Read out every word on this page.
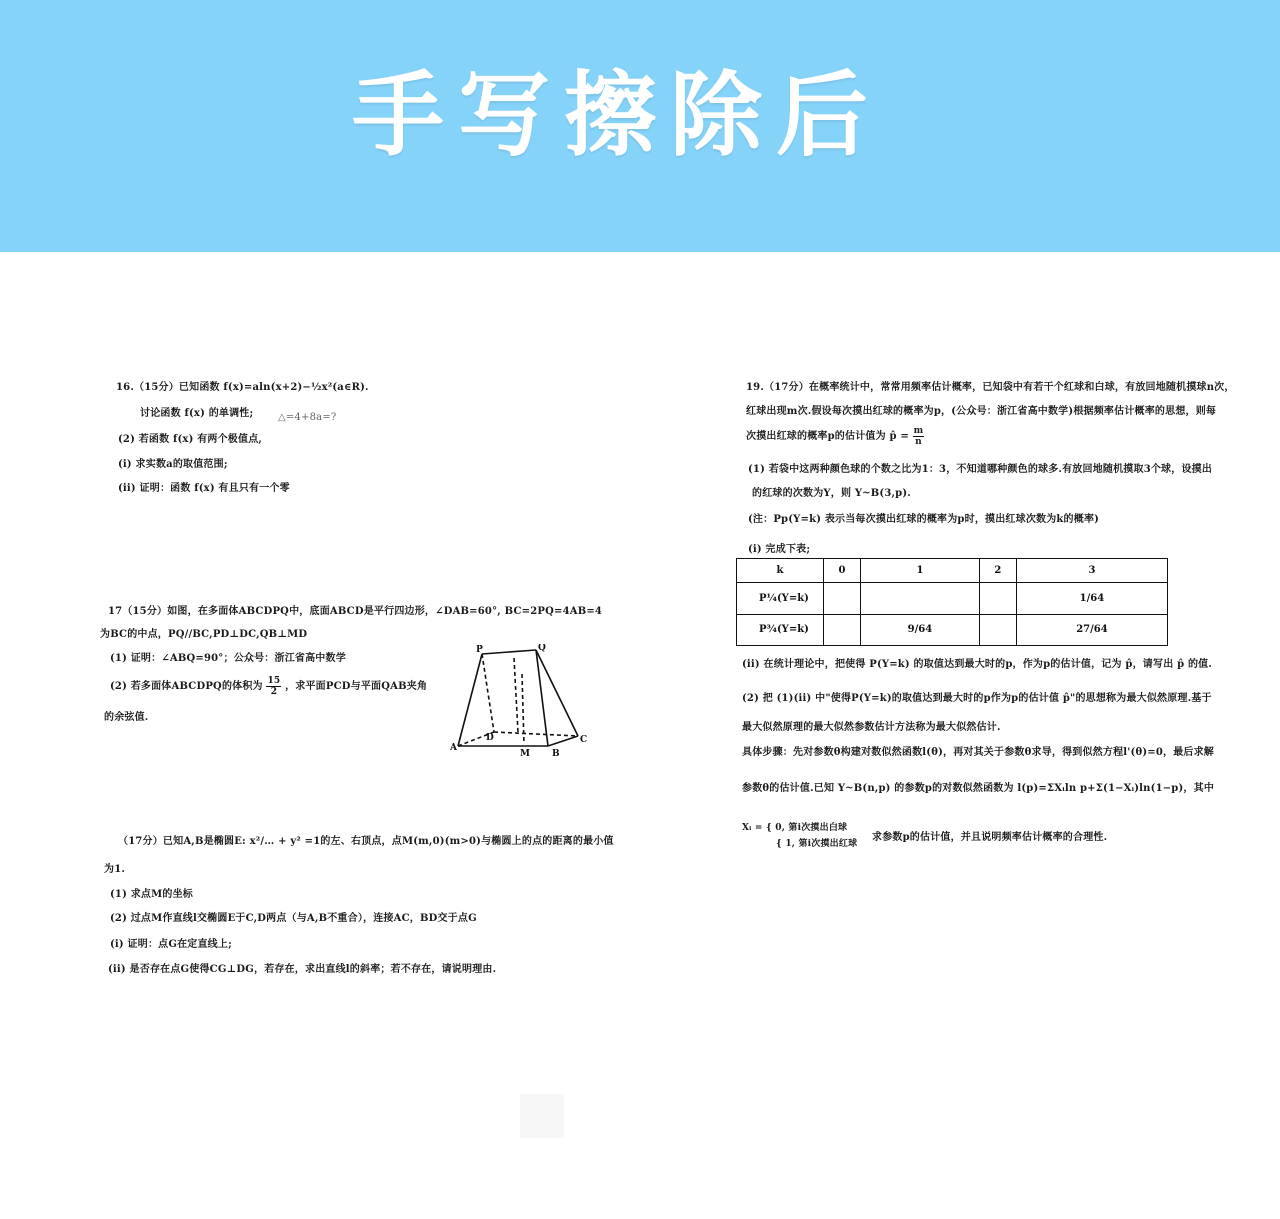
手写擦除后
16.（15分）已知函数 f(x)=aln(x+2)−½x²(a∈R).
讨论函数 f(x) 的单调性; △=4+8a=?
(2) 若函数 f(x) 有两个极值点,
(i) 求实数a的取值范围;
(ii) 证明：函数 f(x) 有且只有一个零
17（15分）如图，在多面体ABCDPQ中，底面ABCD是平行四边形，∠DAB=60°, BC=2PQ=4AB=4
为BC的中点，PQ//BC,PD⊥DC,QB⊥MD
(1) 证明：∠ABQ=90°；公众号：浙江省高中数学
(2) 若多面体ABCDPQ的体积为 $\frac{15}{2}$ ，求平面PCD与平面QAB夹角
的余弦值.
P	Q
A
B
C
D
M
（17分）已知A,B是椭圆E: x²/… + y² =1的左、右顶点，点M(m,0)(m>0)与椭圆上的点的距离的最小值
为1.
(1) 求点M的坐标
(2) 过点M作直线l交椭圆E于C,D两点（与A,B不重合），连接AC，BD交于点G
(i) 证明：点G在定直线上;
(ii) 是否存在点G使得CG⊥DG，若存在，求出直线l的斜率；若不存在，请说明理由.
19.（17分）在概率统计中，常常用频率估计概率，已知袋中有若干个红球和白球，有放回地随机摸球n次，
红球出现m次.假设每次摸出红球的概率为p，(公众号：浙江省高中数学)根据频率估计概率的思想，则每
次摸出红球的概率p的估计值为 p̂ = $\frac{m}{n}$
(1) 若袋中这两种颜色球的个数之比为1：3，不知道哪种颜色的球多.有放回地随机摸取3个球，设摸出
的红球的次数为Y，则 Y~B(3,p).
(注：Pp(Y=k) 表示当每次摸出红球的概率为p时，摸出红球次数为k的概率)
(i) 完成下表;
k	0	1	2	3
P¼(Y=k)				1/64
P¾(Y=k)		9/64		27/64
(ii) 在统计理论中，把使得 P(Y=k) 的取值达到最大时的p，作为p的估计值，记为 p̂，请写出 p̂ 的值.
(2) 把 (1)(ii) 中"使得P(Y=k)的取值达到最大时的p作为p的估计值 p̂"的思想称为最大似然原理.基于
最大似然原理的最大似然参数估计方法称为最大似然估计.
具体步骤：先对参数θ构建对数似然函数l(θ)，再对其关于参数θ求导，得到似然方程l'(θ)=0，最后求解
参数θ的估计值.已知 Y~B(n,p) 的参数p的对数似然函数为 l(p)=ΣXᵢln p+Σ(1−Xᵢ)ln(1−p)，其中
Xᵢ = { 0, 第i次摸出白球
{ 1, 第i次摸出红球
求参数p的估计值，并且说明频率估计概率的合理性.
